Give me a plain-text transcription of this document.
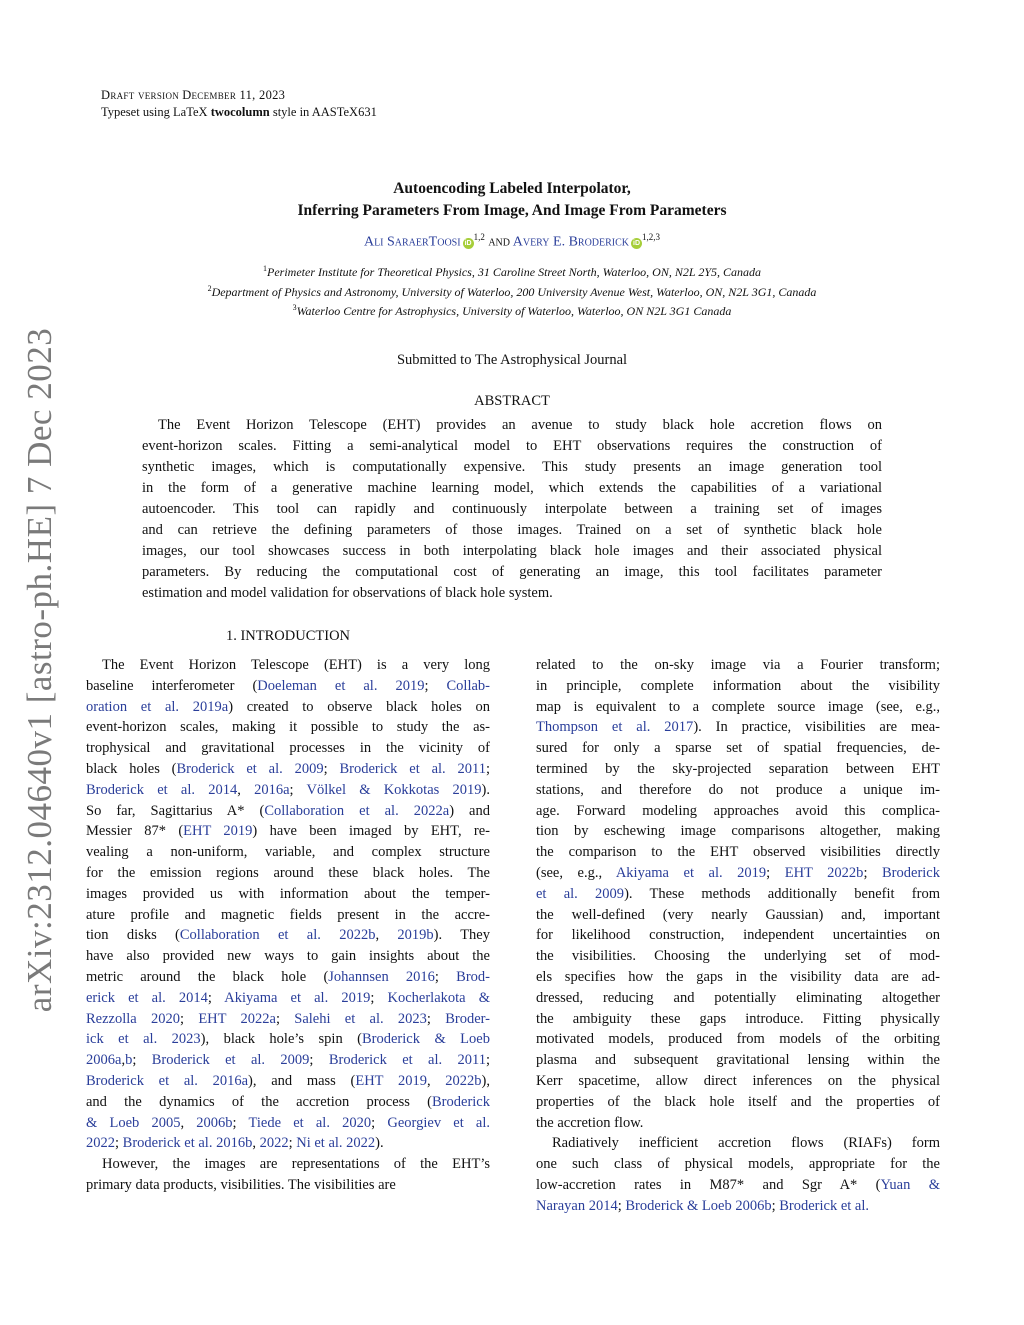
Draft version December 11, 2023
Typeset using LaTeX twocolumn style in AASTeX631
arXiv:2312.04640v1 [astro-ph.HE] 7 Dec 2023
Autoencoding Labeled Interpolator,
Inferring Parameters From Image, And Image From Parameters
Ali SaraerToosi iD$^{1,2}$ and Avery E. Broderick iD$^{1,2,3}$
$^1$Perimeter Institute for Theoretical Physics, 31 Caroline Street North, Waterloo, ON, N2L 2Y5, Canada
$^2$Department of Physics and Astronomy, University of Waterloo, 200 University Avenue West, Waterloo, ON, N2L 3G1, Canada
$^3$Waterloo Centre for Astrophysics, University of Waterloo, Waterloo, ON N2L 3G1 Canada
Submitted to The Astrophysical Journal
ABSTRACT
The Event Horizon Telescope (EHT) provides an avenue to study black hole accretion flows on
event-horizon scales. Fitting a semi-analytical model to EHT observations requires the construction of
synthetic images, which is computationally expensive. This study presents an image generation tool
in the form of a generative machine learning model, which extends the capabilities of a variational
autoencoder. This tool can rapidly and continuously interpolate between a training set of images
and can retrieve the defining parameters of those images. Trained on a set of synthetic black hole
images, our tool showcases success in both interpolating black hole images and their associated physical
parameters. By reducing the computational cost of generating an image, this tool facilitates parameter
estimation and model validation for observations of black hole system.
1. INTRODUCTION
The Event Horizon Telescope (EHT) is a very long
baseline interferometer (Doeleman et al. 2019; Collab-
oration et al. 2019a) created to observe black holes on
event-horizon scales, making it possible to study the as-
trophysical and gravitational processes in the vicinity of
black holes (Broderick et al. 2009; Broderick et al. 2011;
Broderick et al. 2014, 2016a; Völkel & Kokkotas 2019).
So far, Sagittarius A* (Collaboration et al. 2022a) and
Messier 87* (EHT 2019) have been imaged by EHT, re-
vealing a non-uniform, variable, and complex structure
for the emission regions around these black holes. The
images provided us with information about the temper-
ature profile and magnetic fields present in the accre-
tion disks (Collaboration et al. 2022b, 2019b). They
have also provided new ways to gain insights about the
metric around the black hole (Johannsen 2016; Brod-
erick et al. 2014; Akiyama et al. 2019; Kocherlakota &
Rezzolla 2020; EHT 2022a; Salehi et al. 2023; Broder-
ick et al. 2023), black hole’s spin (Broderick & Loeb
2006a,b; Broderick et al. 2009; Broderick et al. 2011;
Broderick et al. 2016a), and mass (EHT 2019, 2022b),
and the dynamics of the accretion process (Broderick
& Loeb 2005, 2006b; Tiede et al. 2020; Georgiev et al.
2022; Broderick et al. 2016b, 2022; Ni et al. 2022).
However, the images are representations of the EHT’s
primary data products, visibilities. The visibilities are
related to the on-sky image via a Fourier transform;
in principle, complete information about the visibility
map is equivalent to a complete source image (see, e.g.,
Thompson et al. 2017). In practice, visibilities are mea-
sured for only a sparse set of spatial frequencies, de-
termined by the sky-projected separation between EHT
stations, and therefore do not produce a unique im-
age. Forward modeling approaches avoid this complica-
tion by eschewing image comparisons altogether, making
the comparison to the EHT observed visibilities directly
(see, e.g., Akiyama et al. 2019; EHT 2022b; Broderick
et al. 2009). These methods additionally benefit from
the well-defined (very nearly Gaussian) and, important
for likelihood construction, independent uncertainties on
the visibilities. Choosing the underlying set of mod-
els specifies how the gaps in the visibility data are ad-
dressed, reducing and potentially eliminating altogether
the ambiguity these gaps introduce. Fitting physically
motivated models, produced from models of the orbiting
plasma and subsequent gravitational lensing within the
Kerr spacetime, allow direct inferences on the physical
properties of the black hole itself and the properties of
the accretion flow.
Radiatively inefficient accretion flows (RIAFs) form
one such class of physical models, appropriate for the
low-accretion rates in M87* and Sgr A* (Yuan &
Narayan 2014; Broderick & Loeb 2006b; Broderick et al.
